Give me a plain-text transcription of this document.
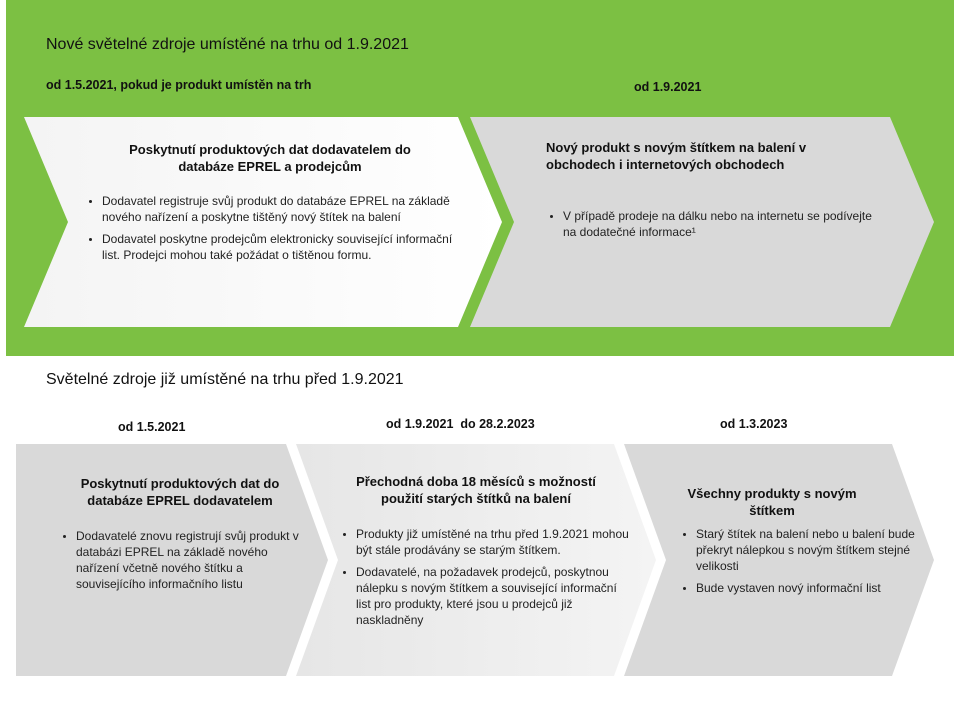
Nové světelné zdroje umístěné na trhu od 1.9.2021

od 1.5.2021, pokud je produkt umístěn na trh	od 1.9.2021

Poskytnutí produktových dat dodavatelem do databáze EPREL a prodejcům
• Dodavatel registruje svůj produkt do databáze EPREL na základě nového nařízení a poskytne tištěný nový štítek na balení
• Dodavatel poskytne prodejcům elektronicky související informační list. Prodejci mohou také požádat o tištěnou formu.
Nový produkt s novým štítkem na balení v obchodech i internetových obchodech
• V případě prodeje na dálku nebo na internetu se podívejte na dodatečné informace¹

Světelné zdroje již umístěné na trhu před 1.9.2021

od 1.5.2021	od 1.9.2021  do 28.2.2023	od 1.3.2023

Poskytnutí produktových dat do databáze EPREL dodavatelem
• Dodavatelé znovu registrují svůj produkt v databázi EPREL na základě nového nařízení včetně nového štítku a souvisejícího informačního listu
Přechodná doba 18 měsíců s možností použití starých štítků na balení
• Produkty již umístěné na trhu před 1.9.2021 mohou být stále prodávány se starým štítkem.
• Dodavatelé, na požadavek prodejců, poskytnou nálepku s novým štítkem a související informační list pro produkty, které jsou u prodejců již naskladněny
Všechny produkty s novým štítkem
• Starý štítek na balení nebo u balení bude překryt nálepkou s novým štítkem stejné velikosti
• Bude vystaven nový informační list
